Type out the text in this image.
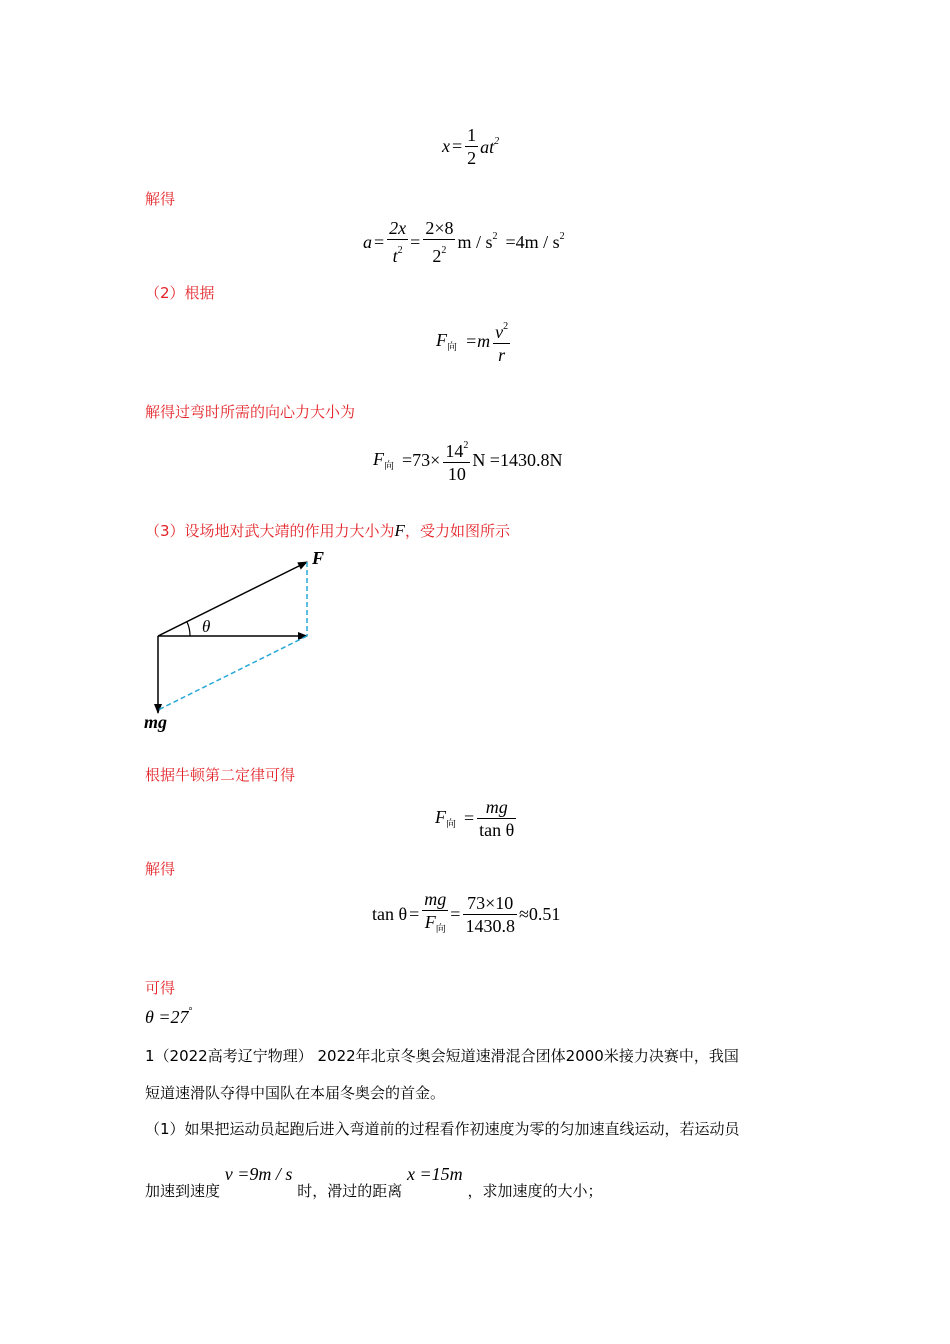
$x = \frac{1}{2} at^2$
解得
$a = \frac{2x}{t^2} = \frac{2\times 8}{2^2}$ $m / s^2 =4m / s^2$
（2）根据
$F_向 =m \frac{v^2}{r}$
解得过弯时所需的向心力大小为
$F_向 =73\times \frac{14^2}{10}$ N =1430.8N
（3）设场地对武大靖的作用力大小为F，受力如图所示
F
θ
mg
根据牛顿第二定律可得
$F_向 = \frac{mg}{\text{tan θ}}$
解得
$\tan \theta = \frac{mg}{F_向} = \frac{73\times 10}{1430.8} \approx 0.51$
可得
θ =27°
1（2022高考辽宁物理） 2022年北京冬奥会短道速滑混合团体2000米接力决赛中，我国
短道速滑队夺得中国队在本届冬奥会的首金。
（1）如果把运动员起跑后进入弯道前的过程看作初速度为零的匀加速直线运动，若运动员
加速到速度 v =9m / s 时，滑过的距离 x =15m ，求加速度的大小；
